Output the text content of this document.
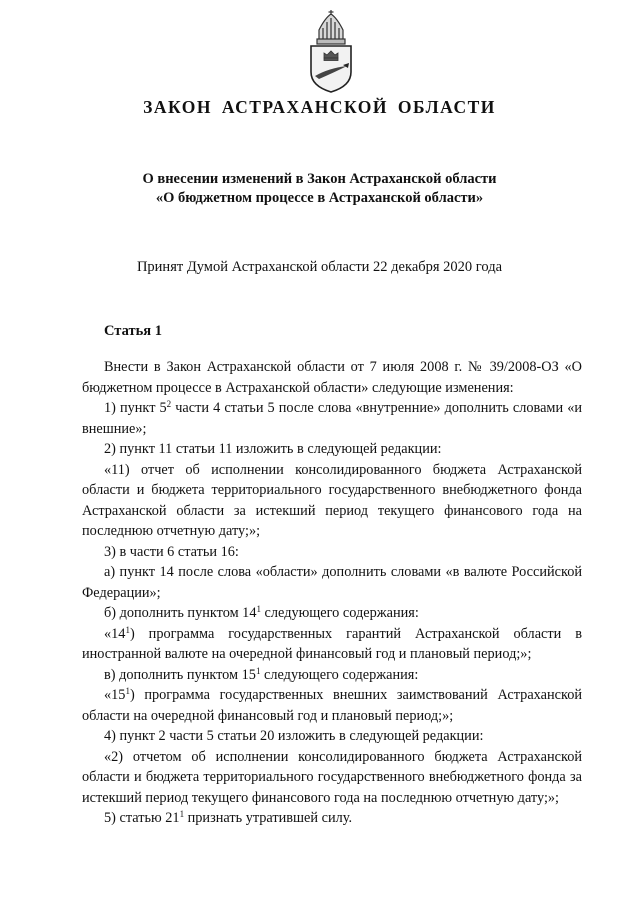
ЗАКОН АСТРАХАНСКОЙ ОБЛАСТИ
О внесении изменений в Закон Астраханской области
«О бюджетном процессе в Астраханской области»
Принят Думой Астраханской области 22 декабря 2020 года
Статья 1

Внести в Закон Астраханской области от 7 июля 2008 г. № 39/2008-ОЗ «О бюджетном процессе в Астраханской области» следующие изменения:

1) пункт $5^2$ части 4 статьи 5 после слова «внутренние» дополнить словами «и внешние»;

2) пункт 11 статьи 11 изложить в следующей редакции:

«11) отчет об исполнении консолидированного бюджета Астраханской области и бюджета территориального государственного внебюджетного фонда Астраханской области за истекший период текущего финансового года на последнюю отчетную дату;»;

3) в части 6 статьи 16:

а) пункт 14 после слова «области» дополнить словами «в валюте Российской Федерации»;

б) дополнить пунктом $14^1$ следующего содержания:

«$14^1$) программа государственных гарантий Астраханской области в иностранной валюте на очередной финансовый год и плановый период;»;

в) дополнить пунктом $15^1$ следующего содержания:

«$15^1$) программа государственных внешних заимствований Астраханской области на очередной финансовый год и плановый период;»;

4) пункт 2 части 5 статьи 20 изложить в следующей редакции:

«2) отчетом об исполнении консолидированного бюджета Астраханской области и бюджета территориального государственного внебюджетного фонда за истекший период текущего финансового года на последнюю отчетную дату;»;

5) статью $21^1$ признать утратившей силу.
